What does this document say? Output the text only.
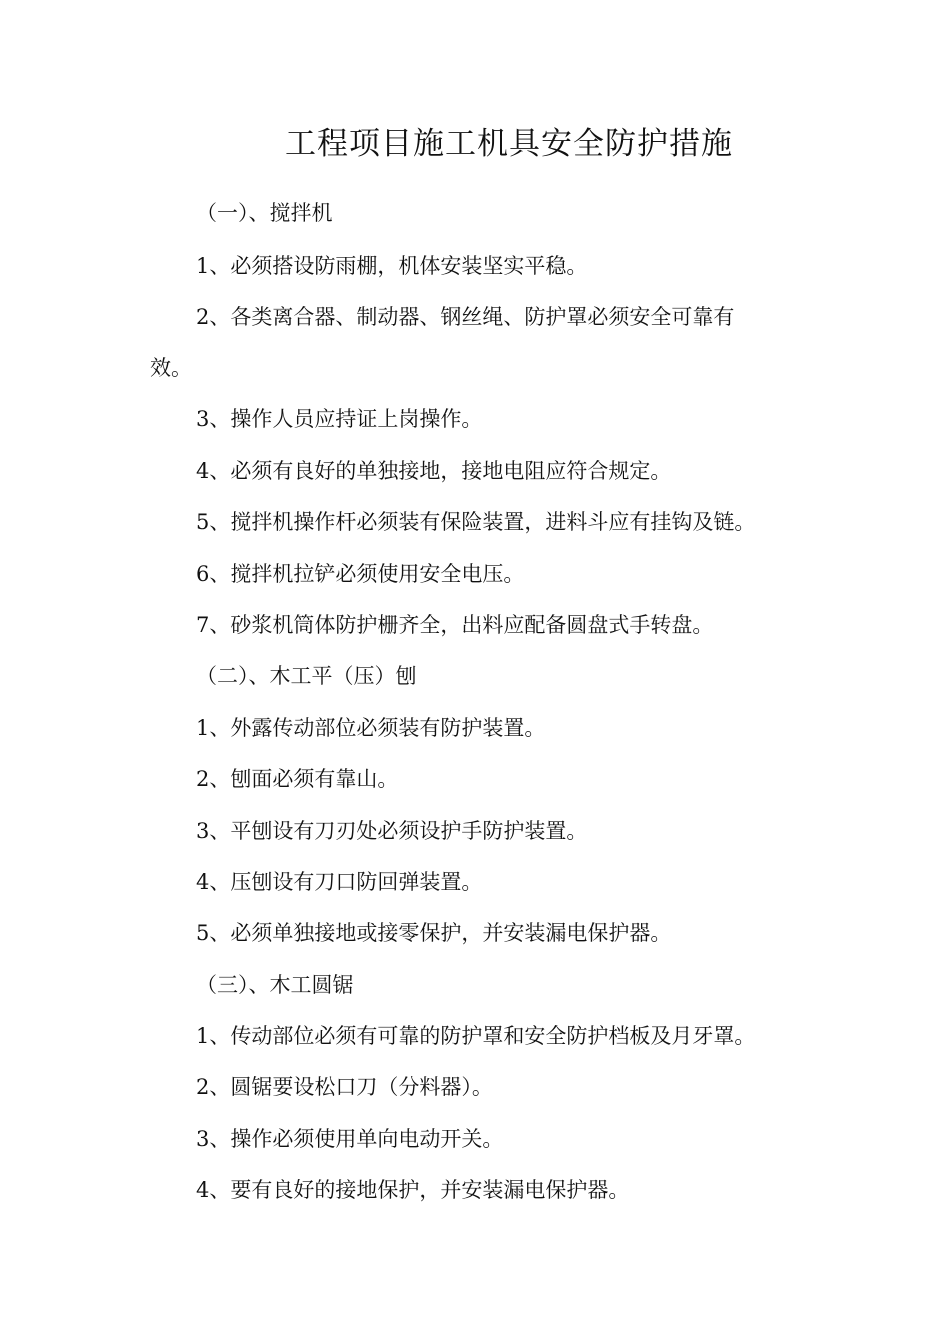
工程项目施工机具安全防护措施
（一）、搅拌机
1、必须搭设防雨棚，机体安装坚实平稳。
2、各类离合器、制动器、钢丝绳、防护罩必须安全可靠有
效。
3、操作人员应持证上岗操作。
4、必须有良好的单独接地，接地电阻应符合规定。
5、搅拌机操作杆必须装有保险装置，进料斗应有挂钩及链。
6、搅拌机拉铲必须使用安全电压。
7、砂浆机筒体防护栅齐全，出料应配备圆盘式手转盘。
（二）、木工平（压）刨
1、外露传动部位必须装有防护装置。
2、刨面必须有靠山。
3、平刨设有刀刃处必须设护手防护装置。
4、压刨设有刀口防回弹装置。
5、必须单独接地或接零保护，并安装漏电保护器。
（三）、木工圆锯
1、传动部位必须有可靠的防护罩和安全防护档板及月牙罩。
2、圆锯要设松口刀（分料器）。
3、操作必须使用单向电动开关。
4、要有良好的接地保护，并安装漏电保护器。
